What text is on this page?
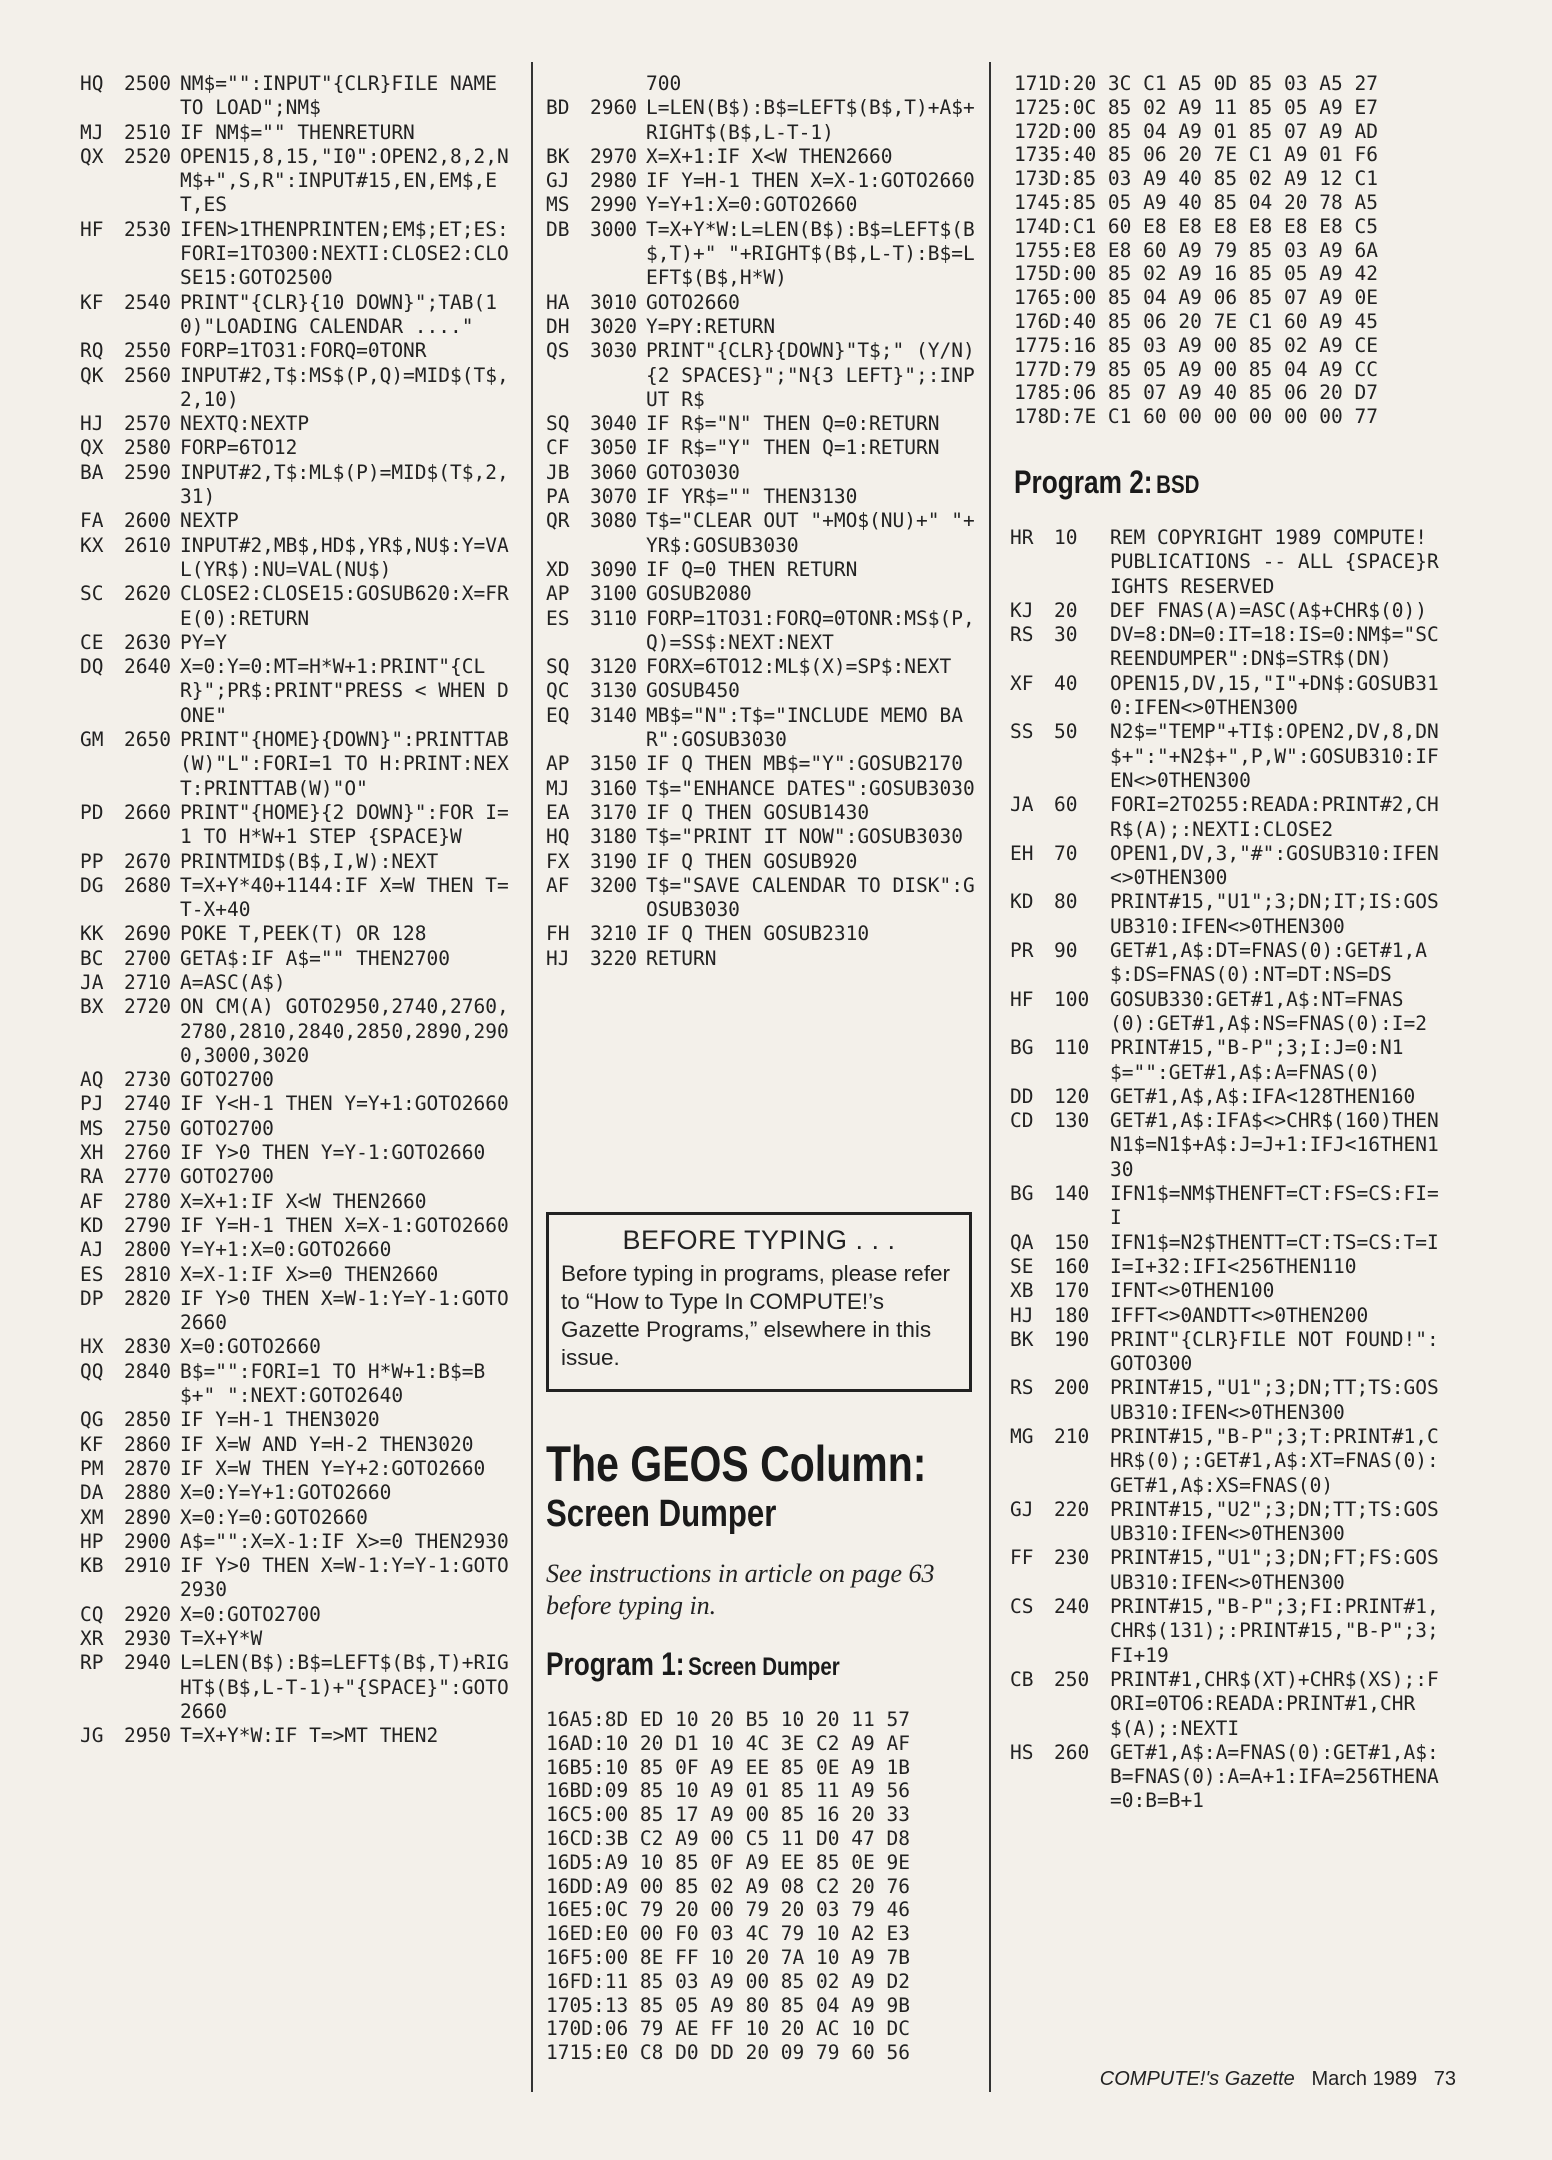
HQ	2500 NM$="":INPUT"{CLR}FILE NAME TO LOAD";NM$
MJ	2510 IF NM$="" THENRETURN
QX	2520 OPEN15,8,15,"I0":OPEN2,8,2,NM$+",S,R":INPUT#15,EN,EM$,ET,ES
HF	2530 IFEN>1THENPRINTEN;EM$;ET;ES:FORI=1TO300:NEXTI:CLOSE2:CLOSE15:GOTO2500
KF	2540 PRINT"{CLR}{10 DOWN}";TAB(10)"LOADING CALENDAR ...."
RQ	2550 FORP=1TO31:FORQ=0TONR
QK	2560 INPUT#2,T$:MS$(P,Q)=MID$(T$,2,10)
HJ	2570 NEXTQ:NEXTP
QX	2580 FORP=6TO12
BA	2590 INPUT#2,T$:ML$(P)=MID$(T$,2,31)
FA	2600 NEXTP
KX	2610 INPUT#2,MB$,HD$,YR$,NU$:Y=VAL(YR$):NU=VAL(NU$)
SC	2620 CLOSE2:CLOSE15:GOSUB620:X=FRE(0):RETURN
CE	2630 PY=Y
DQ	2640 X=0:Y=0:MT=H*W+1:PRINT"{CLR}";PR$:PRINT"PRESS < WHEN DONE"
GM	2650 PRINT"{HOME}{DOWN}":PRINTTAB(W)"L":FORI=1 TO H:PRINT:NEXT:PRINTTAB(W)"O"
PD	2660 PRINT"{HOME}{2 DOWN}":FOR I=1 TO H*W+1 STEP {SPACE}W
PP	2670 PRINTMID$(B$,I,W):NEXT
DG	2680 T=X+Y*40+1144:IF X=W THEN T=T-X+40
KK	2690 POKE T,PEEK(T) OR 128
BC	2700 GETA$:IF A$="" THEN2700
JA	2710 A=ASC(A$)
BX	2720 ON CM(A) GOTO2950,2740,2760,2780,2810,2840,2850,2890,2900,3000,3020
AQ	2730 GOTO2700
PJ	2740 IF Y<H-1 THEN Y=Y+1:GOTO2660
MS	2750 GOTO2700
XH	2760 IF Y>0 THEN Y=Y-1:GOTO2660
RA	2770 GOTO2700
AF	2780 X=X+1:IF X<W THEN2660
KD	2790 IF Y=H-1 THEN X=X-1:GOTO2660
AJ	2800 Y=Y+1:X=0:GOTO2660
ES	2810 X=X-1:IF X>=0 THEN2660
DP	2820 IF Y>0 THEN X=W-1:Y=Y-1:GOTO2660
HX	2830 X=0:GOTO2660
QQ	2840 B$="":FORI=1 TO H*W+1:B$=B$+" ":NEXT:GOTO2640
QG	2850 IF Y=H-1 THEN3020
KF	2860 IF X=W AND Y=H-2 THEN3020
PM	2870 IF X=W THEN Y=Y+2:GOTO2660
DA	2880 X=0:Y=Y+1:GOTO2660
XM	2890 X=0:Y=0:GOTO2660
HP	2900 A$="":X=X-1:IF X>=0 THEN2930
KB	2910 IF Y>0 THEN X=W-1:Y=Y-1:GOTO2930
CQ	2920 X=0:GOTO2700
XR	2930 T=X+Y*W
RP	2940 L=LEN(B$):B$=LEFT$(B$,T)+RIGHT$(B$,L-T-1)+"{SPACE}":GOTO2660
JG	2950 T=X+Y*W:IF T=>MT THEN2
700
BD	2960 L=LEN(B$):B$=LEFT$(B$,T)+A$+RIGHT$(B$,L-T-1)
BK	2970 X=X+1:IF X<W THEN2660
GJ	2980 IF Y=H-1 THEN X=X-1:GOTO2660
MS	2990 Y=Y+1:X=0:GOTO2660
DB	3000 T=X+Y*W:L=LEN(B$):B$=LEFT$(B$,T)+" "+RIGHT$(B$,L-T):B$=LEFT$(B$,H*W)
HA	3010 GOTO2660
DH	3020 Y=PY:RETURN
QS	3030 PRINT"{CLR}{DOWN}"T$;" (Y/N){2 SPACES}";"N{3 LEFT}";:INPUT R$
SQ	3040 IF R$="N" THEN Q=0:RETURN
CF	3050 IF R$="Y" THEN Q=1:RETURN
JB	3060 GOTO3030
PA	3070 IF YR$="" THEN3130
QR	3080 T$="CLEAR OUT "+MO$(NU)+" "+YR$:GOSUB3030
XD	3090 IF Q=0 THEN RETURN
AP	3100 GOSUB2080
ES	3110 FORP=1TO31:FORQ=0TONR:MS$(P,Q)=SS$:NEXT:NEXT
SQ	3120 FORX=6TO12:ML$(X)=SP$:NEXT
QC	3130 GOSUB450
EQ	3140 MB$="N":T$="INCLUDE MEMO BAR":GOSUB3030
AP	3150 IF Q THEN MB$="Y":GOSUB2170
MJ	3160 T$="ENHANCE DATES":GOSUB3030
EA	3170 IF Q THEN GOSUB1430
HQ	3180 T$="PRINT IT NOW":GOSUB3030
FX	3190 IF Q THEN GOSUB920
AF	3200 T$="SAVE CALENDAR TO DISK":GOSUB3030
FH	3210 IF Q THEN GOSUB2310
HJ	3220 RETURN
BEFORE TYPING . . .
Before typing in programs, please refer to “How to Type In COMPUTE!’s Gazette Programs,” elsewhere in this issue.
The GEOS Column:
Screen Dumper
See instructions in article on page 63 before typing in.
Program 1: Screen Dumper
16A5:8D ED 10 20 B5 10 20 11 57
16AD:10 20 D1 10 4C 3E C2 A9 AF
16B5:10 85 0F A9 EE 85 0E A9 1B
16BD:09 85 10 A9 01 85 11 A9 56
16C5:00 85 17 A9 00 85 16 20 33
16CD:3B C2 A9 00 C5 11 D0 47 D8
16D5:A9 10 85 0F A9 EE 85 0E 9E
16DD:A9 00 85 02 A9 08 C2 20 76
16E5:0C 79 20 00 79 20 03 79 46
16ED:E0 00 F0 03 4C 79 10 A2 E3
16F5:00 8E FF 10 20 7A 10 A9 7B
16FD:11 85 03 A9 00 85 02 A9 D2
1705:13 85 05 A9 80 85 04 A9 9B
170D:06 79 AE FF 10 20 AC 10 DC
1715:E0 C8 D0 DD 20 09 79 60 56
171D:20 3C C1 A5 0D 85 03 A5 27
1725:0C 85 02 A9 11 85 05 A9 E7
172D:00 85 04 A9 01 85 07 A9 AD
1735:40 85 06 20 7E C1 A9 01 F6
173D:85 03 A9 40 85 02 A9 12 C1
1745:85 05 A9 40 85 04 20 78 A5
174D:C1 60 E8 E8 E8 E8 E8 E8 C5
1755:E8 E8 60 A9 79 85 03 A9 6A
175D:00 85 02 A9 16 85 05 A9 42
1765:00 85 04 A9 06 85 07 A9 0E
176D:40 85 06 20 7E C1 60 A9 45
1775:16 85 03 A9 00 85 02 A9 CE
177D:79 85 05 A9 00 85 04 A9 CC
1785:06 85 07 A9 40 85 06 20 D7
178D:7E C1 60 00 00 00 00 00 77
Program 2: BSD
HR	10	REM COPYRIGHT 1989 COMPUTE! PUBLICATIONS -- ALL {SPACE}RIGHTS RESERVED
KJ	20	DEF FNAS(A)=ASC(A$+CHR$(0))
RS	30	DV=8:DN=0:IT=18:IS=0:NM$="SCREENDUMPER":DN$=STR$(DN)
XF	40	OPEN15,DV,15,"I"+DN$:GOSUB310:IFEN<>0THEN300
SS	50	N2$="TEMP"+TI$:OPEN2,DV,8,DN$+":"+N2$+",P,W":GOSUB310:IFEN<>0THEN300
JA	60	FORI=2TO255:READA:PRINT#2,CHR$(A);:NEXTI:CLOSE2
EH	70	OPEN1,DV,3,"#":GOSUB310:IFEN<>0THEN300
KD	80	PRINT#15,"U1";3;DN;IT;IS:GOSUB310:IFEN<>0THEN300
PR	90	GET#1,A$:DT=FNAS(0):GET#1,A$:DS=FNAS(0):NT=DT:NS=DS
HF	100	GOSUB330:GET#1,A$:NT=FNAS(0):GET#1,A$:NS=FNAS(0):I=2
BG	110	PRINT#15,"B-P";3;I:J=0:N1$="":GET#1,A$:A=FNAS(0)
DD	120	GET#1,A$,A$:IFA<128THEN160
CD	130	GET#1,A$:IFA$<>CHR$(160)THENN1$=N1$+A$:J=J+1:IFJ<16THEN130
BG	140	IFN1$=NM$THENFT=CT:FS=CS:FI=I
QA	150	IFN1$=N2$THENTT=CT:TS=CS:T=I
SE	160	I=I+32:IFI<256THEN110
XB	170	IFNT<>0THEN100
HJ	180	IFFT<>0ANDTT<>0THEN200
BK	190	PRINT"{CLR}FILE NOT FOUND!":GOTO300
RS	200	PRINT#15,"U1";3;DN;TT;TS:GOSUB310:IFEN<>0THEN300
MG	210	PRINT#15,"B-P";3;T:PRINT#1,CHR$(0);:GET#1,A$:XT=FNAS(0):GET#1,A$:XS=FNAS(0)
GJ	220	PRINT#15,"U2";3;DN;TT;TS:GOSUB310:IFEN<>0THEN300
FF	230	PRINT#15,"U1";3;DN;FT;FS:GOSUB310:IFEN<>0THEN300
CS	240	PRINT#15,"B-P";3;FI:PRINT#1,CHR$(131);:PRINT#15,"B-P";3;FI+19
CB	250	PRINT#1,CHR$(XT)+CHR$(XS);:FORI=0TO6:READA:PRINT#1,CHR$(A);:NEXTI
HS	260	GET#1,A$:A=FNAS(0):GET#1,A$:B=FNAS(0):A=A+1:IFA=256THENA=0:B=B+1
COMPUTE!'s Gazette March 1989 73
